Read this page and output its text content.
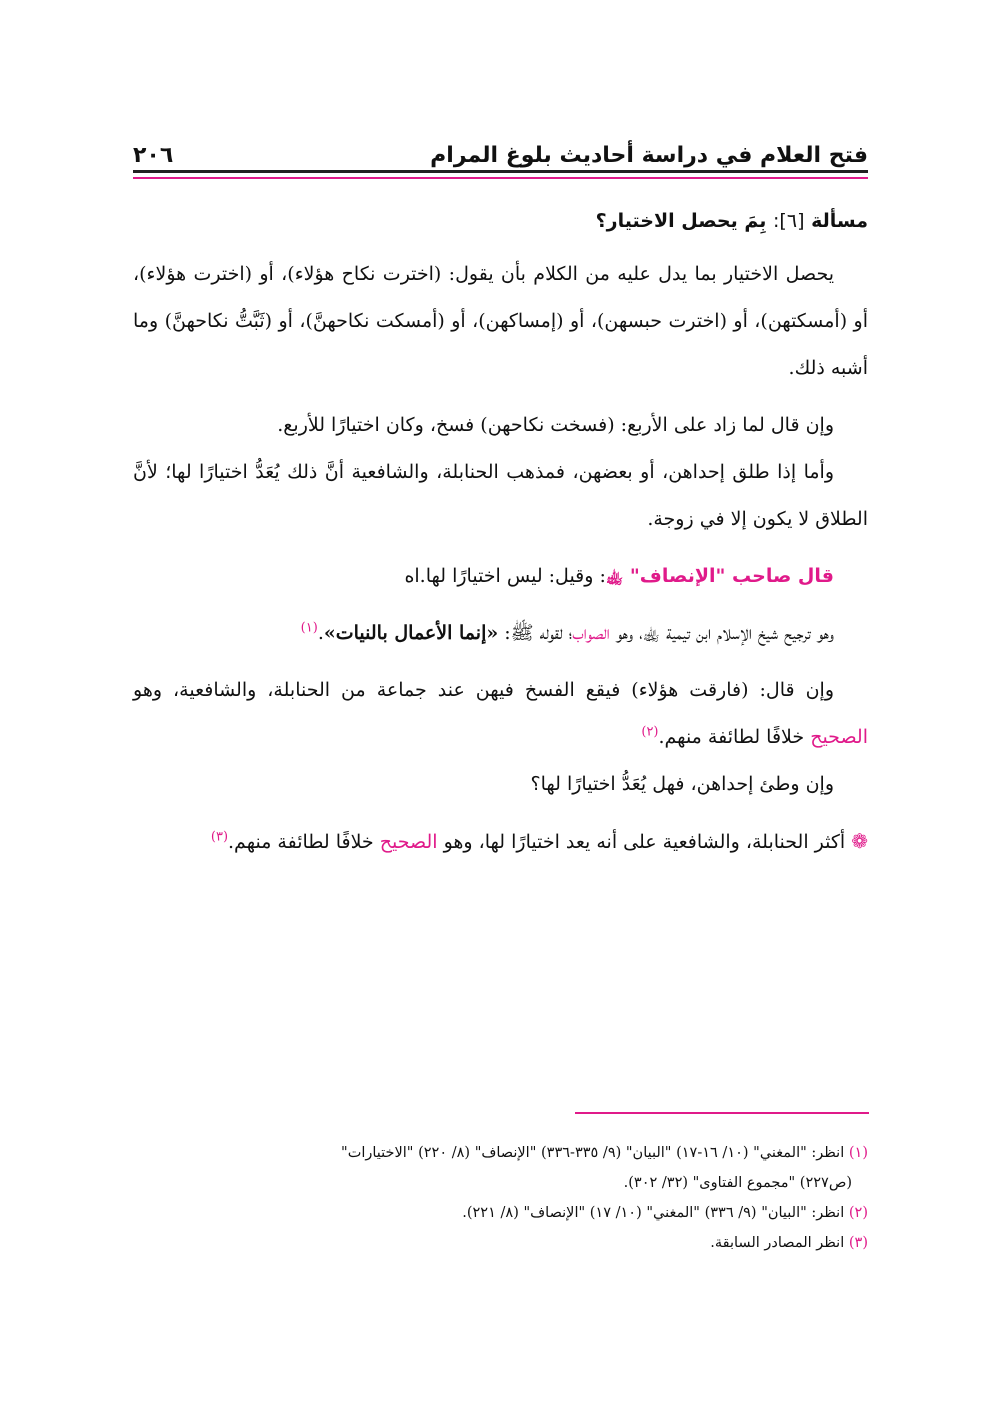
فتح العلام في دراسة أحاديث بلوغ المرام
٢٠٦

مسألة [٦]: بِمَ يحصل الاختيار؟

يحصل الاختيار بما يدل عليه من الكلام بأن يقول: (اخترت نكاح هؤلاء)، أو (اخترت هؤلاء)، أو (أمسكتهن)، أو (اخترت حبسهن)، أو (إمساكهن)، أو (أمسكت نكاحهنَّ)، أو (ثَبَّتُّ نكاحهنَّ) وما أشبه ذلك.

وإن قال لما زاد على الأربع: (فسخت نكاحهن) فسخ، وكان اختيارًا للأربع.

وأما إذا طلق إحداهن، أو بعضهن، فمذهب الحنابلة، والشافعية أنَّ ذلك يُعَدُّ اختيارًا لها؛ لأنَّ الطلاق لا يكون إلا في زوجة.

قال صاحب "الإنصاف" ﵀: وقيل: ليس اختيارًا لها.اه

وهو ترجيح شيخ الإسلام ابن تيمية ﵀، وهو الصواب؛ لقوله ﷺ: «إنما الأعمال بالنيات».$^{(١)}$

وإن قال: (فارقت هؤلاء) فيقع الفسخ فيهن عند جماعة من الحنابلة، والشافعية، وهو الصحيح خلافًا لطائفة منهم.$^{(٢)}$

وإن وطئ إحداهن، فهل يُعَدُّ اختيارًا لها؟

❁ أكثر الحنابلة، والشافعية على أنه يعد اختيارًا لها، وهو الصحيح خلافًا لطائفة منهم.$^{(٣)}$

(١) انظر: "المغني" (١٠/ ١٦-١٧) "البيان" (٩/ ٣٣٥-٣٣٦) "الإنصاف" (٨/ ٢٢٠) "الاختيارات"

(ص٢٢٧) "مجموع الفتاوى" (٣٢/ ٣٠٢).

(٢) انظر: "البيان" (٩/ ٣٣٦) "المغني" (١٠/ ١٧) "الإنصاف" (٨/ ٢٢١).

(٣) انظر المصادر السابقة.
